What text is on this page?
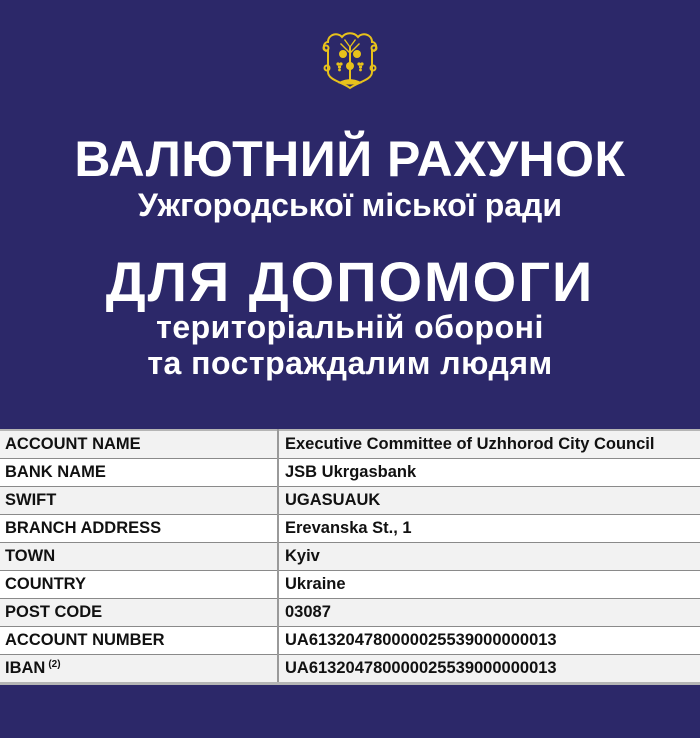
ВАЛЮТНИЙ РАХУНОК
Ужгородської міської ради
ДЛЯ ДОПОМОГИ
територіальній обороні
та постраждалим людям
ACCOUNT NAME	Executive Committee of Uzhhorod City Council
BANK NAME	JSB Ukrgasbank
SWIFT	UGASUAUK
BRANCH ADDRESS	Erevanska St., 1
TOWN	Kyiv
COUNTRY	Ukraine
POST CODE	03087
ACCOUNT NUMBER	UA613204780000025539000000013
IBAN $^{(2)}$	UA613204780000025539000000013
